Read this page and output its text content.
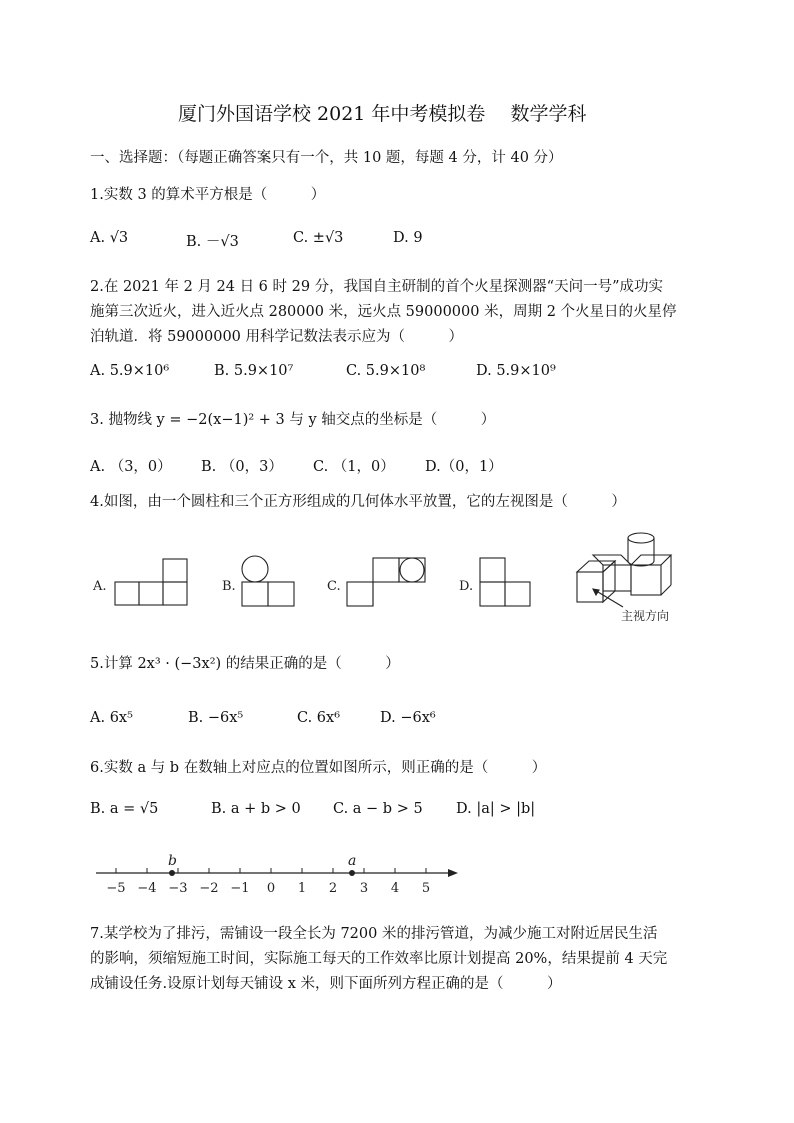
厦门外国语学校 2021 年中考模拟卷　 数学学科
一、选择题：（每题正确答案只有一个，共 10 题，每题 4 分，计 40 分）
1.实数 3 的算术平方根是（　　　）
A. √3	B. －√3	C. ±√3	D. 9
2.在 2021 年 2 月 24 日 6 时 29 分，我国自主研制的首个火星探测器“天问一号”成功实
施第三次近火，进入近火点 280000 米，远火点 59000000 米，周期 2 个火星日的火星停
泊轨道．将 59000000 用科学记数法表示应为（　　　）
A. 5.9×10⁶	B. 5.9×10⁷	C. 5.9×10⁸	D. 5.9×10⁹
3. 抛物线 y = −2(x−1)² + 3 与 y 轴交点的坐标是（　　　）
A. （3，0） B. （0，3） C. （1，0） D.（0，1）
4.如图，由一个圆柱和三个正方形组成的几何体水平放置，它的左视图是（　　　）
A.	B.	C.	D.
主视方向
5.计算 2x³ · (−3x²) 的结果正确的是（　　　）
A. 6x⁵	B. −6x⁵	C. 6x⁶	D. −6x⁶
6.实数 a 与 b 在数轴上对应点的位置如图所示，则正确的是（　　　）
B. a = √5	B. a + b > 0 C. a − b > 5 D. |a| > |b|
−5 −4 −3 −2 −1 0 1 2 3 4 5
b	a
7.某学校为了排污，需铺设一段全长为 7200 米的排污管道，为减少施工对附近居民生活
的影响，须缩短施工时间，实际施工每天的工作效率比原计划提高 20%，结果提前 4 天完
成铺设任务.设原计划每天铺设 x 米，则下面所列方程正确的是（　　　）
